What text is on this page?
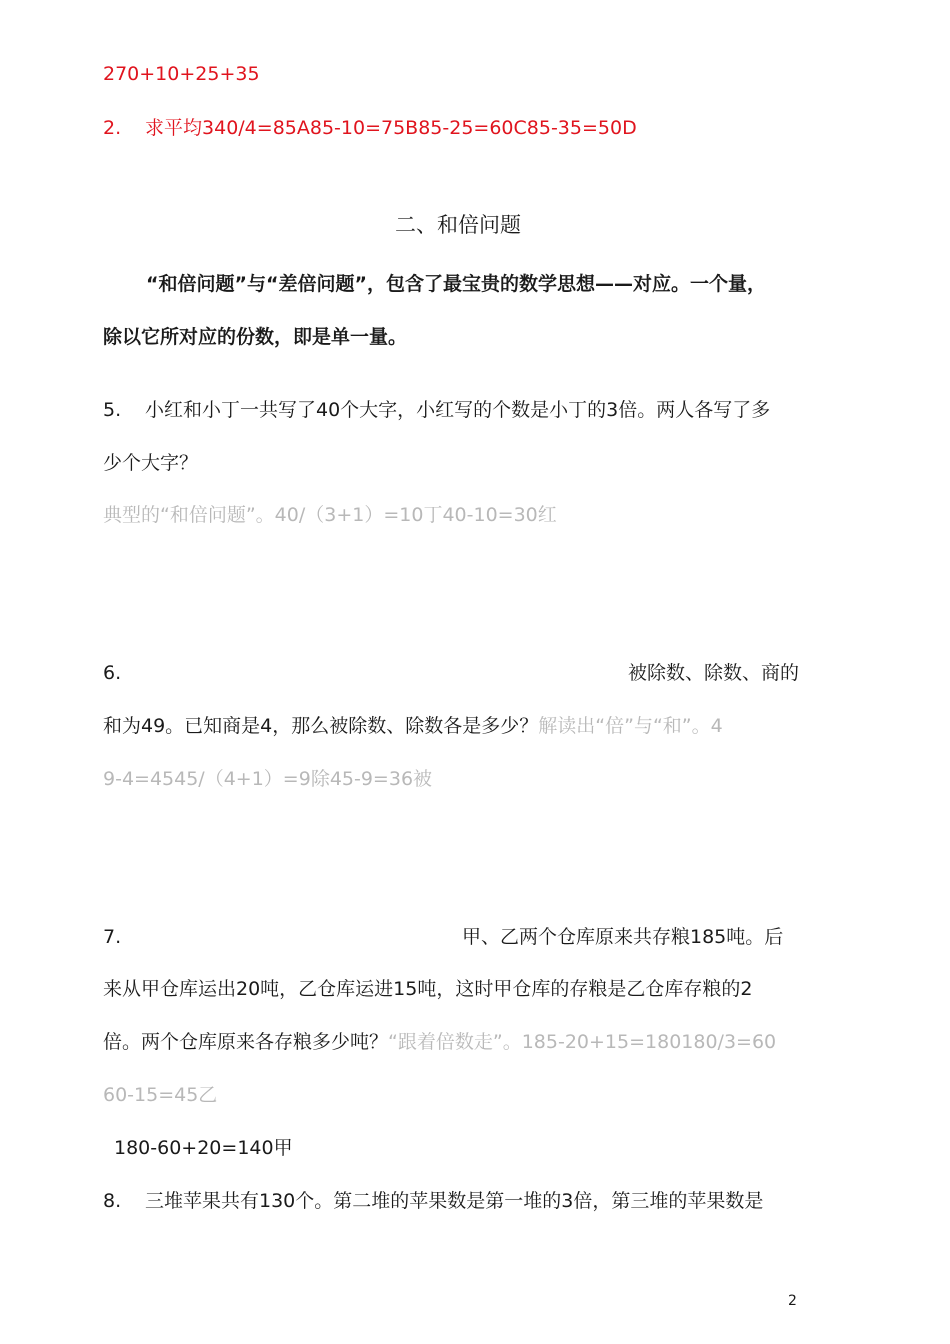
270+10+25+35
2. 求平均340/4=85A85-10=75B85-25=60C85-35=50D
二、和倍问题
“和倍问题”与“差倍问题”，包含了最宝贵的数学思想——对应。一个量，
除以它所对应的份数，即是单一量。
5. 小红和小丁一共写了40个大字，小红写的个数是小丁的3倍。两人各写了多
少个大字？
典型的“和倍问题”。40/（3+1）=10丁40-10=30红
6.	被除数、除数、商的
和为49。已知商是4，那么被除数、除数各是多少？解读出“倍”与“和”。4
9-4=4545/（4+1）=9除45-9=36被
7.	甲、乙两个仓库原来共存粮185吨。后
来从甲仓库运出20吨，乙仓库运进15吨，这时甲仓库的存粮是乙仓库存粮的2
倍。两个仓库原来各存粮多少吨？“跟着倍数走”。185-20+15=180180/3=60
60-15=45乙
180-60+20=140甲
8. 三堆苹果共有130个。第二堆的苹果数是第一堆的3倍，第三堆的苹果数是
2
